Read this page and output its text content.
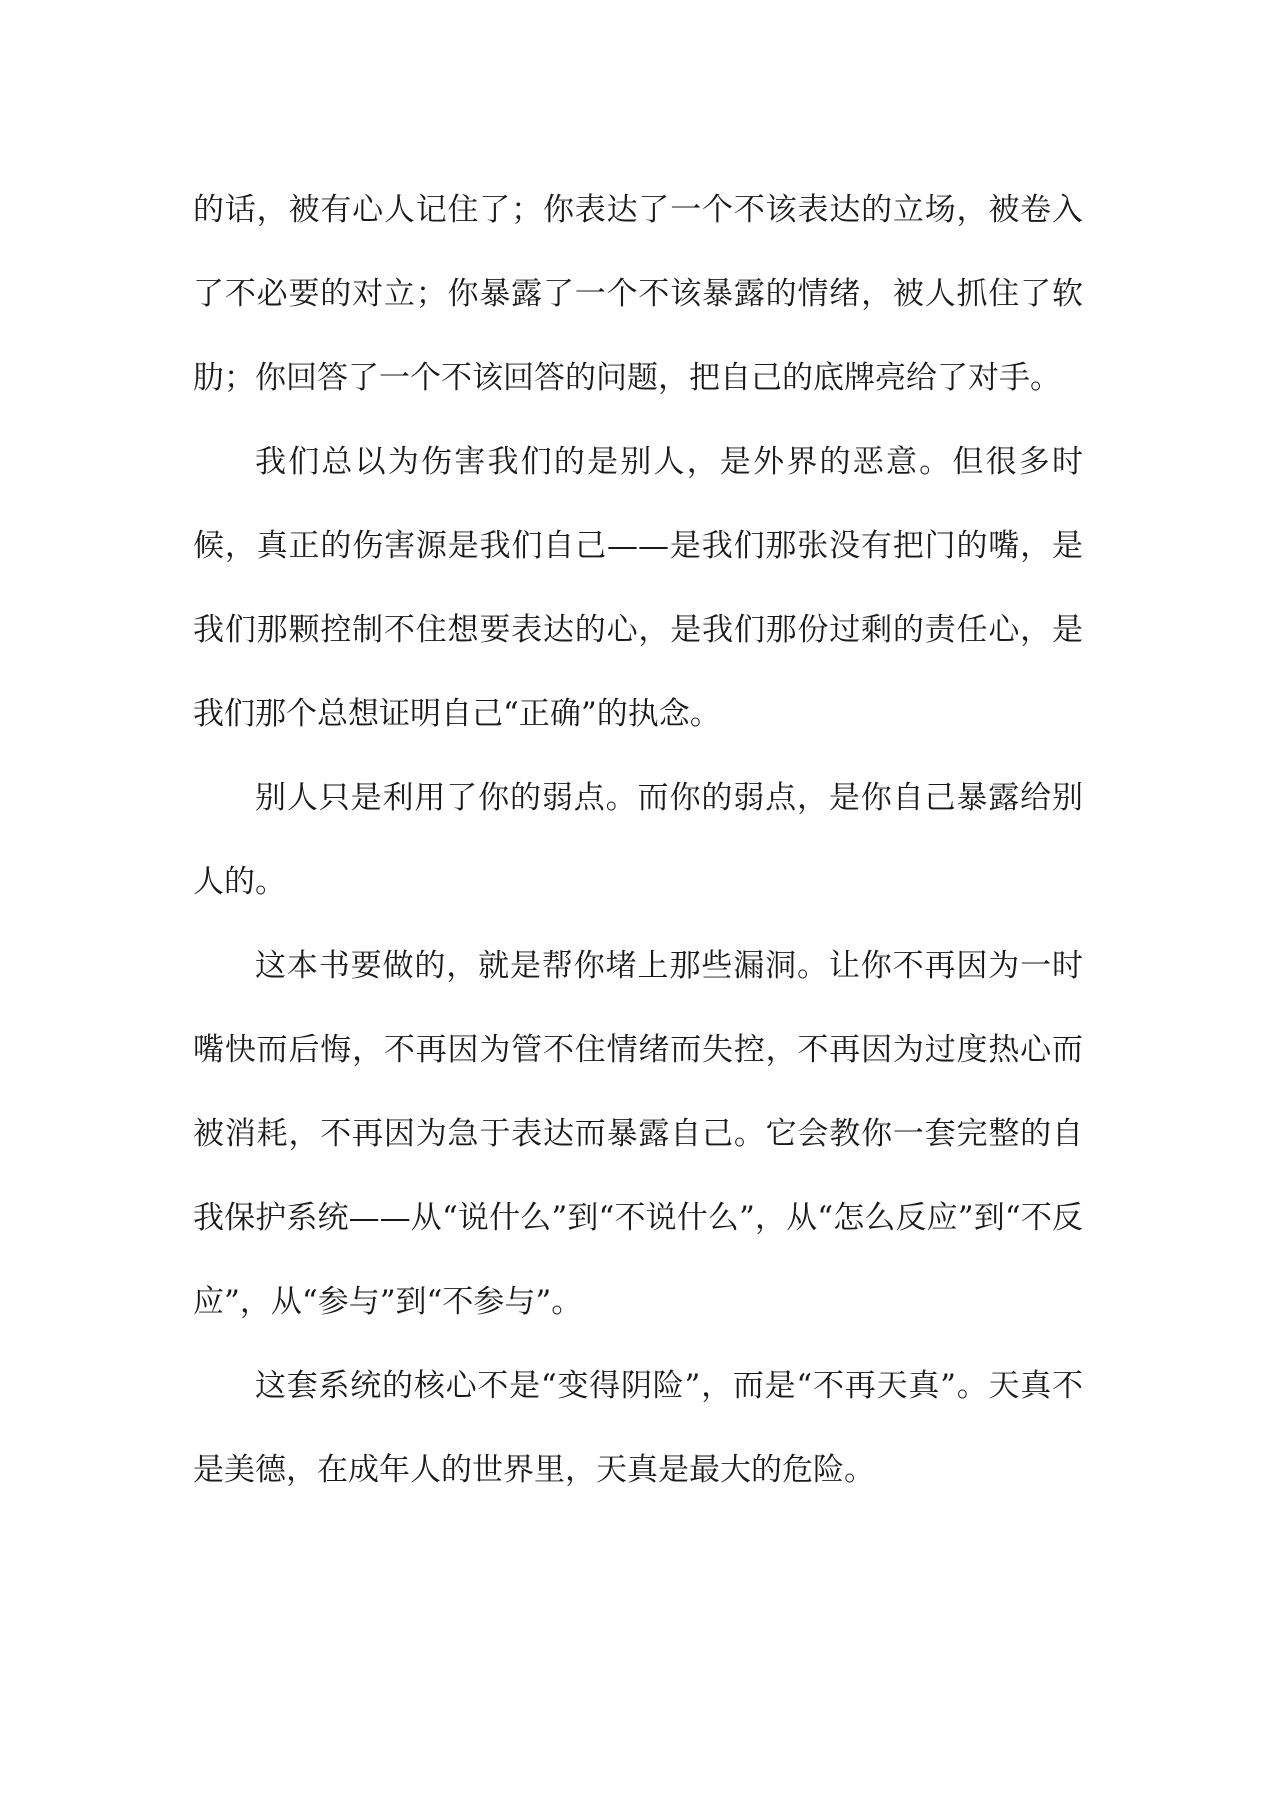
的话，被有心人记住了；你表达了一个不该表达的立场，被卷入了不必要的对立；你暴露了一个不该暴露的情绪，被人抓住了软肋；你回答了一个不该回答的问题，把自己的底牌亮给了对手。

我们总以为伤害我们的是别人，是外界的恶意。但很多时候，真正的伤害源是我们自己——是我们那张没有把门的嘴，是我们那颗控制不住想要表达的心，是我们那份过剩的责任心，是我们那个总想证明自己“正确”的执念。

别人只是利用了你的弱点。而你的弱点，是你自己暴露给别人的。

这本书要做的，就是帮你堵上那些漏洞。让你不再因为一时嘴快而后悔，不再因为管不住情绪而失控，不再因为过度热心而被消耗，不再因为急于表达而暴露自己。它会教你一套完整的自我保护系统——从“说什么”到“不说什么”，从“怎么反应”到“不反应”，从“参与”到“不参与”。

这套系统的核心不是“变得阴险”，而是“不再天真”。天真不是美德，在成年人的世界里，天真是最大的危险。
